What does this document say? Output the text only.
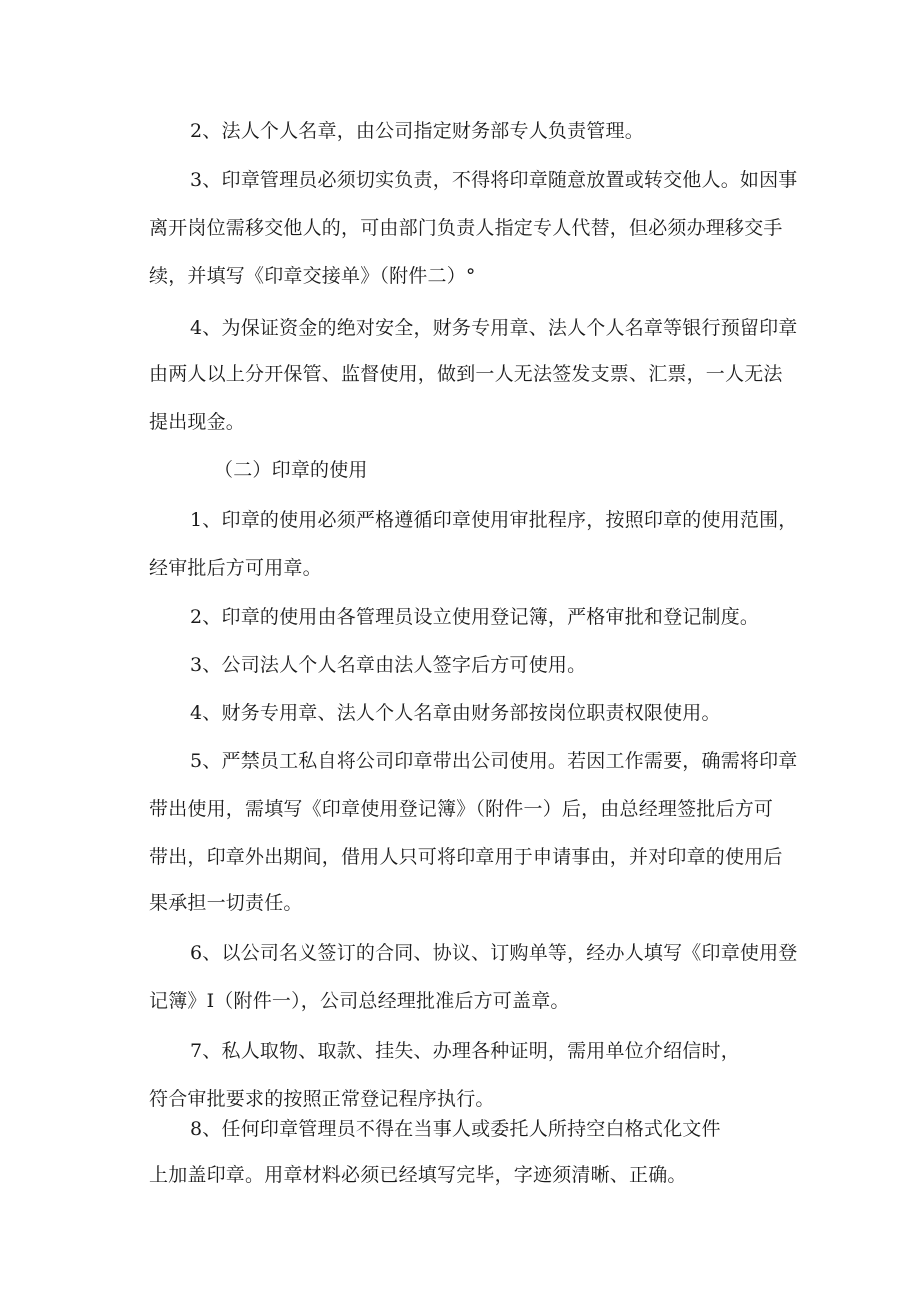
2、法人个人名章，由公司指定财务部专人负责管理。
3、印章管理员必须切实负责，不得将印章随意放置或转交他人。如因事
离开岗位需移交他人的，可由部门负责人指定专人代替，但必须办理移交手
续，并填写《印章交接单》（附件二）°
4、为保证资金的绝对安全，财务专用章、法人个人名章等银行预留印章
由两人以上分开保管、监督使用，做到一人无法签发支票、汇票，一人无法
提出现金。
（二）印章的使用
1、印章的使用必须严格遵循印章使用审批程序，按照印章的使用范围，
经审批后方可用章。
2、印章的使用由各管理员设立使用登记簿，严格审批和登记制度。
3、公司法人个人名章由法人签字后方可使用。
4、财务专用章、法人个人名章由财务部按岗位职责权限使用。
5、严禁员工私自将公司印章带出公司使用。若因工作需要，确需将印章
带出使用，需填写《印章使用登记簿》（附件一）后，由总经理签批后方可
带出，印章外出期间，借用人只可将印章用于申请事由，并对印章的使用后
果承担一切责任。
6、以公司名义签订的合同、协议、订购单等，经办人填写《印章使用登
记簿》I（附件一），公司总经理批准后方可盖章。
7、私人取物、取款、挂失、办理各种证明，需用单位介绍信时，
符合审批要求的按照正常登记程序执行。
8、任何印章管理员不得在当事人或委托人所持空白格式化文件
上加盖印章。用章材料必须已经填写完毕，字迹须清晰、正确。
